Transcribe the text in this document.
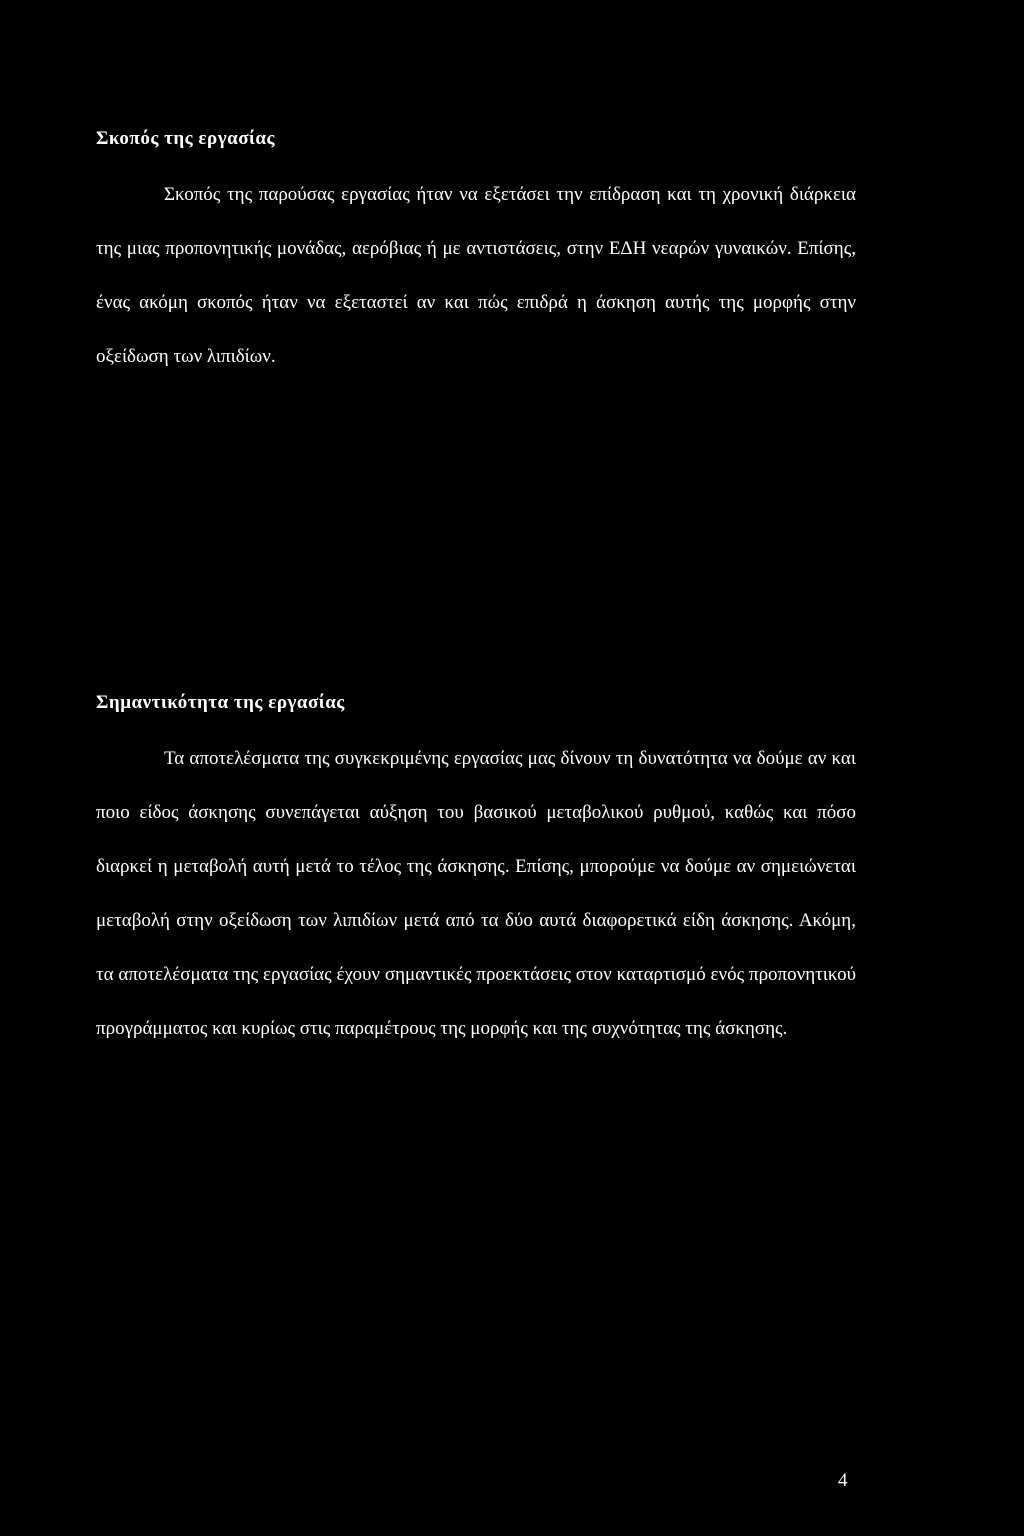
Σκοπός της εργασίας

Σκοπός της παρούσας εργασίας ήταν να εξετάσει την επίδραση και τη χρονική διάρκεια της μιας προπονητικής μονάδας, αερόβιας ή με αντιστάσεις, στην ΕΔΗ νεαρών γυναικών. Επίσης, ένας ακόμη σκοπός ήταν να εξεταστεί αν και πώς επιδρά η άσκηση αυτής της μορφής στην οξείδωση των λιπιδίων.

Σημαντικότητα της εργασίας

Τα αποτελέσματα της συγκεκριμένης εργασίας μας δίνουν τη δυνατότητα να δούμε αν και ποιο είδος άσκησης συνεπάγεται αύξηση του βασικού μεταβολικού ρυθμού, καθώς και πόσο διαρκεί η μεταβολή αυτή μετά το τέλος της άσκησης. Επίσης, μπορούμε να δούμε αν σημειώνεται μεταβολή στην οξείδωση των λιπιδίων μετά από τα δύο αυτά διαφορετικά είδη άσκησης. Ακόμη, τα αποτελέσματα της εργασίας έχουν σημαντικές προεκτάσεις στον καταρτισμό ενός προπονητικού προγράμματος και κυρίως στις παραμέτρους της μορφής και της συχνότητας της άσκησης.

4
